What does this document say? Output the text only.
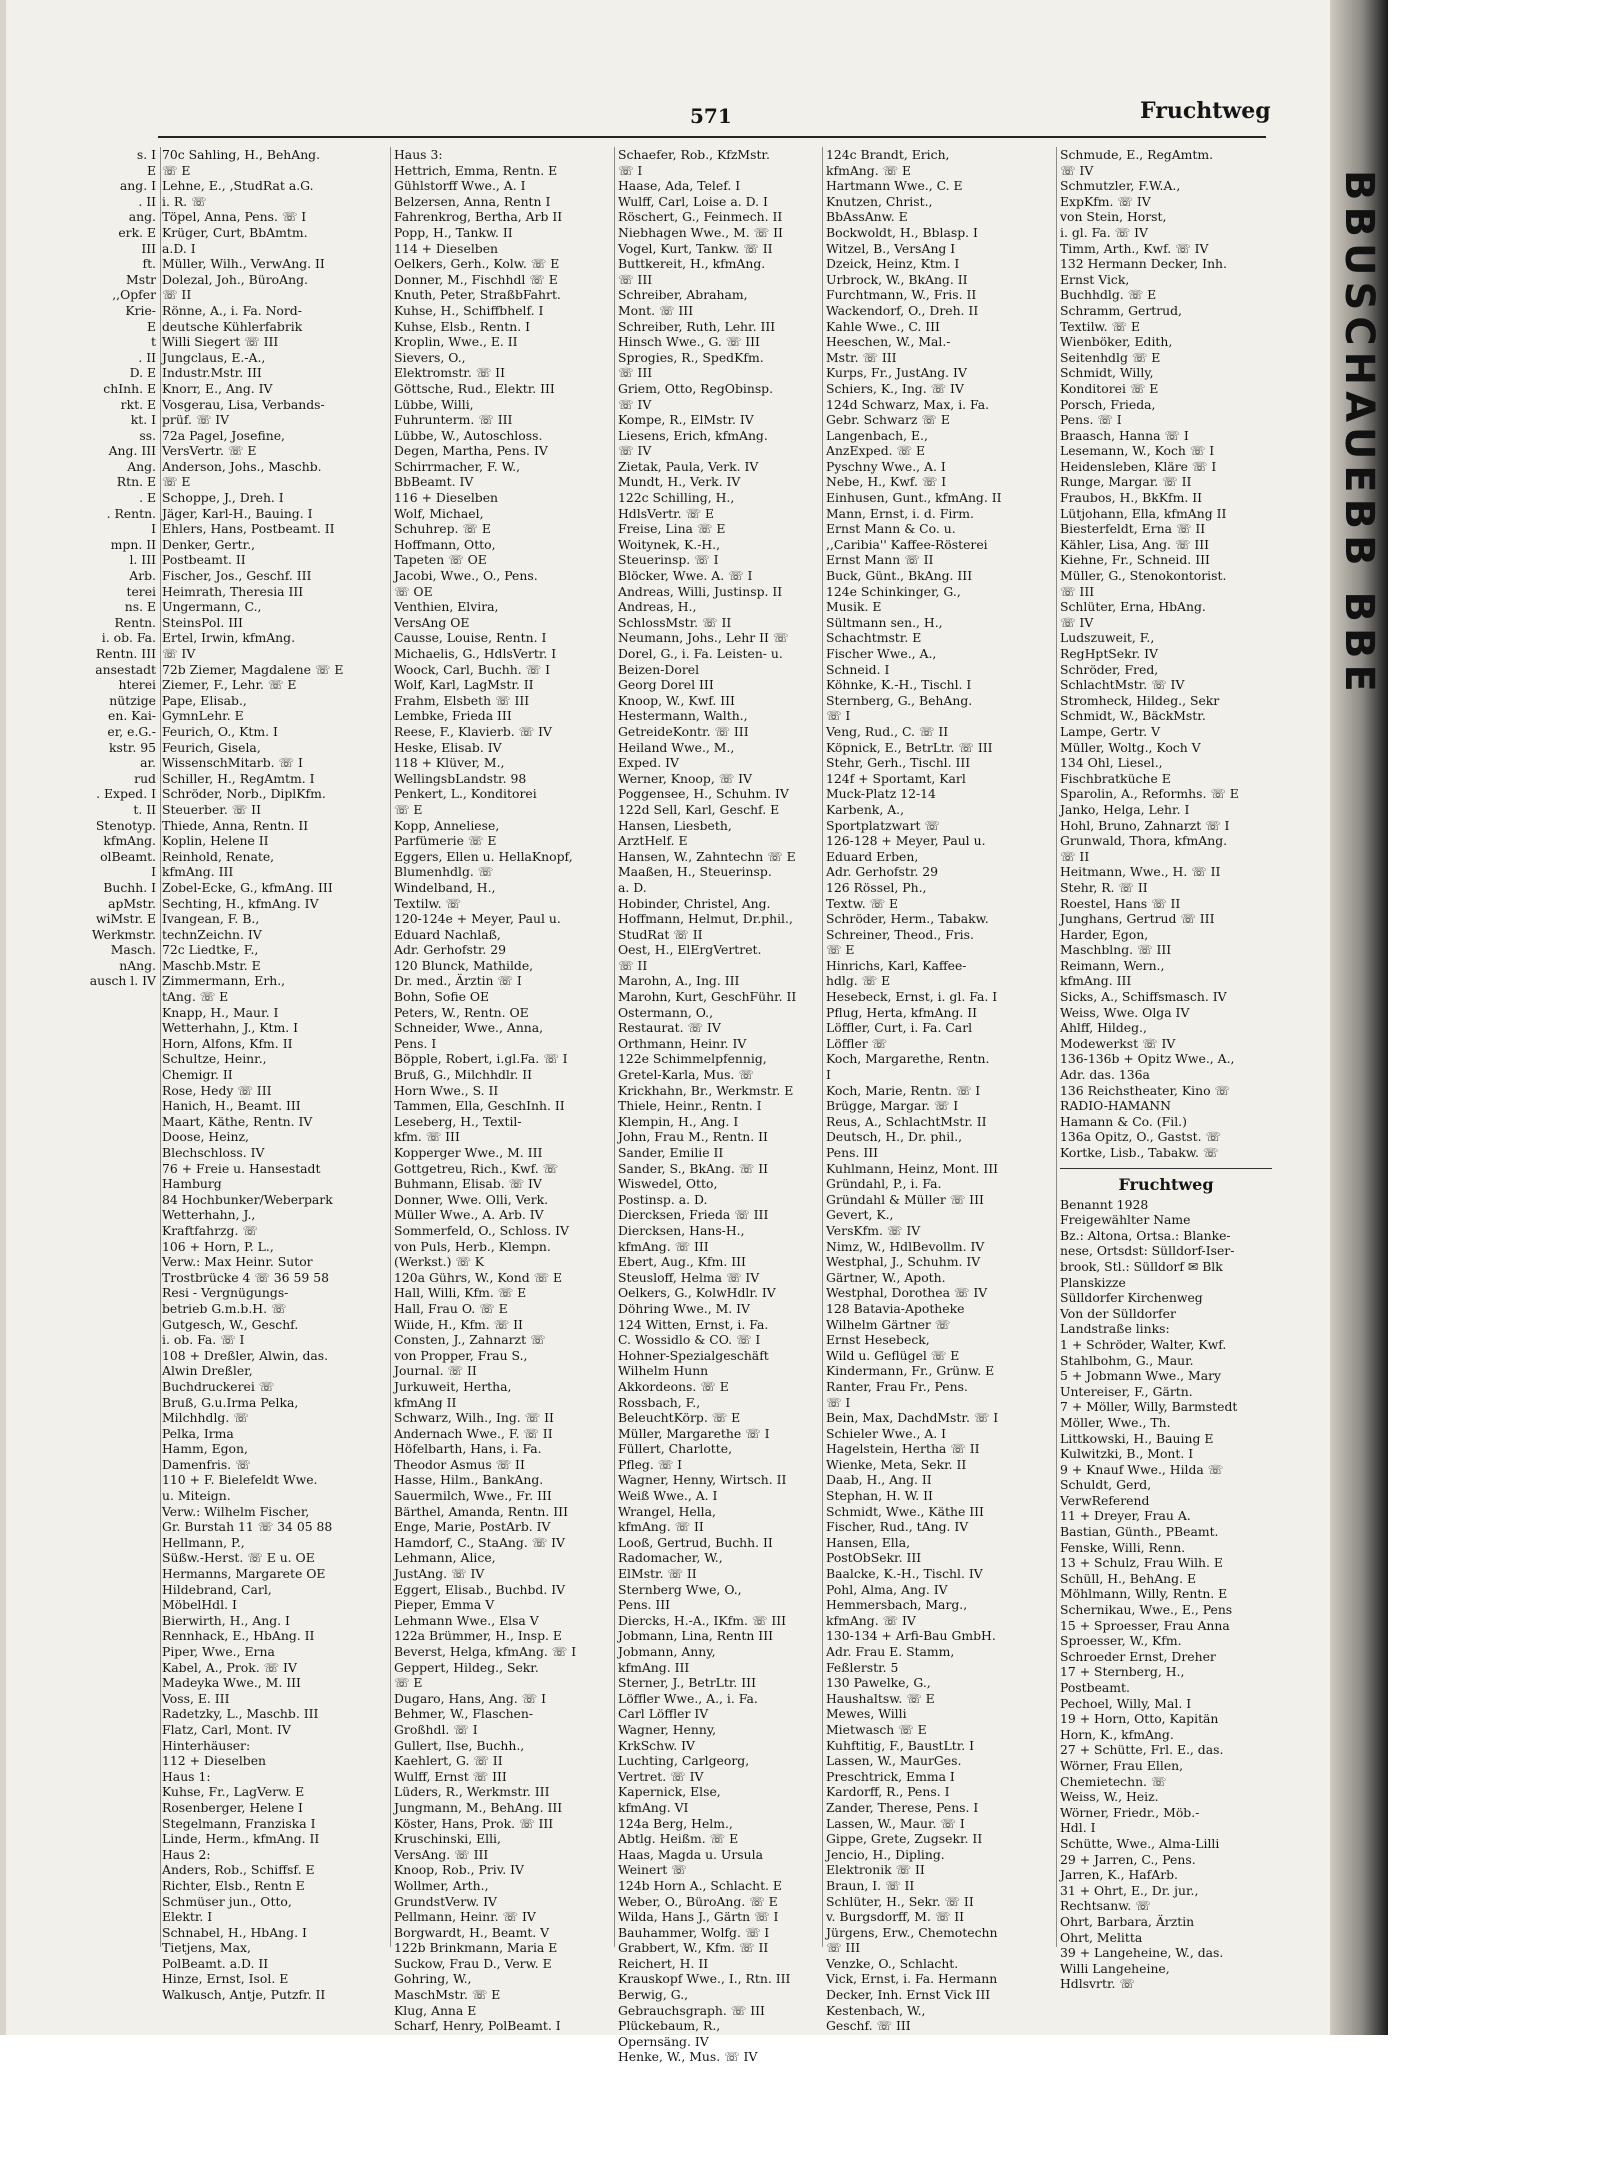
BBUSCHAUEBB BBE
571	Fruchtweg
s. I
E
ang. I
. II
ang.
erk. E
III
ft.
Mstr
,,Opfer
Krie-
E
t
. II
D. E
chInh. E
rkt. E
kt. I
ss.
Ang. III
Ang.
Rtn. E
. E
. Rentn.
I
mpn. II
l. III
Arb.
terei
ns. E
Rentn.
i. ob. Fa.
Rentn. III
ansestadt
hterei
nützige
en. Kai-
er, e.G.-
kstr. 95
ar.
rud
. Exped. I
t. II
Stenotyp.
kfmAng.
olBeamt.
I
Buchh. I
apMstr.
wiMstr. E
Werkmstr.
Masch.
nAng.
ausch l. IV
70c Sahling, H., BehAng.
☏ E
Lehne, E., ,StudRat a.G.
i. R. ☏
Töpel, Anna, Pens. ☏ I
Krüger, Curt, BbAmtm.
a.D. I
Müller, Wilh., VerwAng. II
Dolezal, Joh., BüroAng.
☏ II
Rönne, A., i. Fa. Nord-
deutsche Kühlerfabrik
Willi Siegert ☏ III
Jungclaus, E.-A.,
Industr.Mstr. III
Knorr, E., Ang. IV
Vosgerau, Lisa, Verbands-
prüf. ☏ IV
72a Pagel, Josefine,
VersVertr. ☏ E
Anderson, Johs., Maschb.
☏ E
Schoppe, J., Dreh. I
Jäger, Karl-H., Bauing. I
Ehlers, Hans, Postbeamt. II
Denker, Gertr.,
Postbeamt. II
Fischer, Jos., Geschf. III
Heimrath, Theresia III
Ungermann, C.,
SteinsPol. III
Ertel, Irwin, kfmAng.
☏ IV
72b Ziemer, Magdalene ☏ E
Ziemer, F., Lehr. ☏ E
Pape, Elisab.,
GymnLehr. E
Feurich, O., Ktm. I
Feurich, Gisela,
WissenschMitarb. ☏ I
Schiller, H., RegAmtm. I
Schröder, Norb., DiplKfm.
Steuerber. ☏ II
Thiede, Anna, Rentn. II
Koplin, Helene II
Reinhold, Renate,
kfmAng. III
Zobel-Ecke, G., kfmAng. III
Sechting, H., kfmAng. IV
Ivangean, F. B.,
technZeichn. IV
72c Liedtke, F.,
Maschb.Mstr. E
Zimmermann, Erh.,
tAng. ☏ E
Knapp, H., Maur. I
Wetterhahn, J., Ktm. I
Horn, Alfons, Kfm. II
Schultze, Heinr.,
Chemigr. II
Rose, Hedy ☏ III
Hanich, H., Beamt. III
Maart, Käthe, Rentn. IV
Doose, Heinz,
Blechschloss. IV
76 + Freie u. Hansestadt
Hamburg
84 Hochbunker/Weberpark
Wetterhahn, J.,
Kraftfahrzg. ☏
106 + Horn, P. L.,
Verw.: Max Heinr. Sutor
Trostbrücke 4 ☏ 36 59 58
Resi - Vergnügungs-
betrieb G.m.b.H. ☏
Gutgesch, W., Geschf.
i. ob. Fa. ☏ I
108 + Dreßler, Alwin, das.
Alwin Dreßler,
Buchdruckerei ☏
Bruß, G.u.Irma Pelka,
Milchhdlg. ☏
Pelka, Irma
Hamm, Egon,
Damenfris. ☏
110 + F. Bielefeldt Wwe.
u. Miteign.
Verw.: Wilhelm Fischer,
Gr. Burstah 11 ☏ 34 05 88
Hellmann, P.,
Süßw.-Herst. ☏ E u. OE
Hermanns, Margarete OE
Hildebrand, Carl,
MöbelHdl. I
Bierwirth, H., Ang. I
Rennhack, E., HbAng. II
Piper, Wwe., Erna
Kabel, A., Prok. ☏ IV
Madeyka Wwe., M. III
Voss, E. III
Radetzky, L., Maschb. III
Flatz, Carl, Mont. IV
Hinterhäuser:
112 + Dieselben
Haus 1:
Kuhse, Fr., LagVerw. E
Rosenberger, Helene I
Stegelmann, Franziska I
Linde, Herm., kfmAng. II
Haus 2:
Anders, Rob., Schiffsf. E
Richter, Elsb., Rentn E
Schmüser jun., Otto,
Elektr. I
Schnabel, H., HbAng. I
Tietjens, Max,
PolBeamt. a.D. II
Hinze, Ernst, Isol. E
Walkusch, Antje, Putzfr. II
Haus 3:
Hettrich, Emma, Rentn. E
Gühlstorff Wwe., A. I
Belzersen, Anna, Rentn I
Fahrenkrog, Bertha, Arb II
Popp, H., Tankw. II
114 + Dieselben
Oelkers, Gerh., Kolw. ☏ E
Donner, M., Fischhdl ☏ E
Knuth, Peter, StraßbFahrt.
Kuhse, H., Schiffbhelf. I
Kuhse, Elsb., Rentn. I
Kroplin, Wwe., E. II
Sievers, O.,
Elektromstr. ☏ II
Göttsche, Rud., Elektr. III
Lübbe, Willi,
Fuhrunterm. ☏ III
Lübbe, W., Autoschloss.
Degen, Martha, Pens. IV
Schirrmacher, F. W.,
BbBeamt. IV
116 + Dieselben
Wolf, Michael,
Schuhrep. ☏ E
Hoffmann, Otto,
Tapeten ☏ OE
Jacobi, Wwe., O., Pens.
☏ OE
Venthien, Elvira,
VersAng OE
Causse, Louise, Rentn. I
Michaelis, G., HdlsVertr. I
Woock, Carl, Buchh. ☏ I
Wolf, Karl, LagMstr. II
Frahm, Elsbeth ☏ III
Lembke, Frieda III
Reese, F., Klavierb. ☏ IV
Heske, Elisab. IV
118 + Klüver, M.,
WellingsbLandstr. 98
Penkert, L., Konditorei
☏ E
Kopp, Anneliese,
Parfümerie ☏ E
Eggers, Ellen u. HellaKnopf,
Blumenhdlg. ☏
Windelband, H.,
Textilw. ☏
120-124e + Meyer, Paul u.
Eduard Nachlaß,
Adr. Gerhofstr. 29
120 Blunck, Mathilde,
Dr. med., Ärztin ☏ I
Bohn, Sofie OE
Peters, W., Rentn. OE
Schneider, Wwe., Anna,
Pens. I
Böpple, Robert, i.gl.Fa. ☏ I
Bruß, G., Milchhdlr. II
Horn Wwe., S. II
Tammen, Ella, GeschInh. II
Leseberg, H., Textil-
kfm. ☏ III
Kopperger Wwe., M. III
Gottgetreu, Rich., Kwf. ☏
Buhmann, Elisab. ☏ IV
Donner, Wwe. Olli, Verk.
Müller Wwe., A. Arb. IV
Sommerfeld, O., Schloss. IV
von Puls, Herb., Klempn.
(Werkst.) ☏ K
120a Gührs, W., Kond ☏ E
Hall, Willi, Kfm. ☏ E
Hall, Frau O. ☏ E
Wiide, H., Kfm. ☏ II
Consten, J., Zahnarzt ☏
von Propper, Frau S.,
Journal. ☏ II
Jurkuweit, Hertha,
kfmAng II
Schwarz, Wilh., Ing. ☏ II
Andernach Wwe., F. ☏ II
Höfelbarth, Hans, i. Fa.
Theodor Asmus ☏ II
Hasse, Hilm., BankAng.
Sauermilch, Wwe., Fr. III
Bärthel, Amanda, Rentn. III
Enge, Marie, PostArb. IV
Hamdorf, C., StaAng. ☏ IV
Lehmann, Alice,
JustAng. ☏ IV
Eggert, Elisab., Buchbd. IV
Pieper, Emma V
Lehmann Wwe., Elsa V
122a Brümmer, H., Insp. E
Beverst, Helga, kfmAng. ☏ I
Geppert, Hildeg., Sekr.
☏ E
Dugaro, Hans, Ang. ☏ I
Behmer, W., Flaschen-
Großhdl. ☏ I
Gullert, Ilse, Buchh.,
Kaehlert, G. ☏ II
Wulff, Ernst ☏ III
Lüders, R., Werkmstr. III
Jungmann, M., BehAng. III
Köster, Hans, Prok. ☏ III
Kruschinski, Elli,
VersAng. ☏ III
Knoop, Rob., Priv. IV
Wollmer, Arth.,
GrundstVerw. IV
Pellmann, Heinr. ☏ IV
Borgwardt, H., Beamt. V
122b Brinkmann, Maria E
Suckow, Frau D., Verw. E
Gohring, W.,
MaschMstr. ☏ E
Klug, Anna E
Scharf, Henry, PolBeamt. I
Schaefer, Rob., KfzMstr.
☏ I
Haase, Ada, Telef. I
Wulff, Carl, Loise a. D. I
Röschert, G., Feinmech. II
Niebhagen Wwe., M. ☏ II
Vogel, Kurt, Tankw. ☏ II
Buttkereit, H., kfmAng.
☏ III
Schreiber, Abraham,
Mont. ☏ III
Schreiber, Ruth, Lehr. III
Hinsch Wwe., G. ☏ III
Sprogies, R., SpedKfm.
☏ III
Griem, Otto, RegObinsp.
☏ IV
Kompe, R., ElMstr. IV
Liesens, Erich, kfmAng.
☏ IV
Zietak, Paula, Verk. IV
Mundt, H., Verk. IV
122c Schilling, H.,
HdlsVertr. ☏ E
Freise, Lina ☏ E
Woitynek, K.-H.,
Steuerinsp. ☏ I
Blöcker, Wwe. A. ☏ I
Andreas, Willi, Justinsp. II
Andreas, H.,
SchlossMstr. ☏ II
Neumann, Johs., Lehr II ☏
Dorel, G., i. Fa. Leisten- u.
Beizen-Dorel
Georg Dorel III
Knoop, W., Kwf. III
Hestermann, Walth.,
GetreideKontr. ☏ III
Heiland Wwe., M.,
Exped. IV
Werner, Knoop, ☏ IV
Poggensee, H., Schuhm. IV
122d Sell, Karl, Geschf. E
Hansen, Liesbeth,
ArztHelf. E
Hansen, W., Zahntechn ☏ E
Maaßen, H., Steuerinsp.
a. D.
Hobinder, Christel, Ang.
Hoffmann, Helmut, Dr.phil.,
StudRat ☏ II
Oest, H., ElErgVertret.
☏ II
Marohn, A., Ing. III
Marohn, Kurt, GeschFühr. II
Ostermann, O.,
Restaurat. ☏ IV
Orthmann, Heinr. IV
122e Schimmelpfennig,
Gretel-Karla, Mus. ☏
Krickhahn, Br., Werkmstr. E
Thiele, Heinr., Rentn. I
Klempin, H., Ang. I
John, Frau M., Rentn. II
Sander, Emilie II
Sander, S., BkAng. ☏ II
Wiswedel, Otto,
Postinsp. a. D.
Diercksen, Frieda ☏ III
Diercksen, Hans-H.,
kfmAng. ☏ III
Ebert, Aug., Kfm. III
Steusloff, Helma ☏ IV
Oelkers, G., KolwHdlr. IV
Döhring Wwe., M. IV
124 Witten, Ernst, i. Fa.
C. Wossidlo & CO. ☏ I
Hohner-Spezialgeschäft
Wilhelm Hunn
Akkordeons. ☏ E
Rossbach, F.,
BeleuchtKörp. ☏ E
Müller, Margarethe ☏ I
Füllert, Charlotte,
Pfleg. ☏ I
Wagner, Henny, Wirtsch. II
Weiß Wwe., A. I
Wrangel, Hella,
kfmAng. ☏ II
Looß, Gertrud, Buchh. II
Radomacher, W.,
ElMstr. ☏ II
Sternberg Wwe, O.,
Pens. III
Diercks, H.-A., IKfm. ☏ III
Jobmann, Lina, Rentn III
Jobmann, Anny,
kfmAng. III
Sterner, J., BetrLtr. III
Löffler Wwe., A., i. Fa.
Carl Löffler IV
Wagner, Henny,
KrkSchw. IV
Luchting, Carlgeorg,
Vertret. ☏ IV
Kapernick, Else,
kfmAng. VI
124a Berg, Helm.,
Abtlg. Heißm. ☏ E
Haas, Magda u. Ursula
Weinert ☏
124b Horn A., Schlacht. E
Weber, O., BüroAng. ☏ E
Wilda, Hans J., Gärtn ☏ I
Bauhammer, Wolfg. ☏ I
Grabbert, W., Kfm. ☏ II
Reichert, H. II
Krauskopf Wwe., I., Rtn. III
Berwig, G.,
Gebrauchsgraph. ☏ III
Plückebaum, R.,
Opernsäng. IV
Henke, W., Mus. ☏ IV
124c Brandt, Erich,
kfmAng. ☏ E
Hartmann Wwe., C. E
Knutzen, Christ.,
BbAssAnw. E
Bockwoldt, H., Bblasp. I
Witzel, B., VersAng I
Dzeick, Heinz, Ktm. I
Urbrock, W., BkAng. II
Furchtmann, W., Fris. II
Wackendorf, O., Dreh. II
Kahle Wwe., C. III
Heeschen, W., Mal.-
Mstr. ☏ III
Kurps, Fr., JustAng. IV
Schiers, K., Ing. ☏ IV
124d Schwarz, Max, i. Fa.
Gebr. Schwarz ☏ E
Langenbach, E.,
AnzExped. ☏ E
Pyschny Wwe., A. I
Nebe, H., Kwf. ☏ I
Einhusen, Gunt., kfmAng. II
Mann, Ernst, i. d. Firm.
Ernst Mann & Co. u.
,,Caribia'' Kaffee-Rösterei
Ernst Mann ☏ II
Buck, Günt., BkAng. III
124e Schinkinger, G.,
Musik. E
Sültmann sen., H.,
Schachtmstr. E
Fischer Wwe., A.,
Schneid. I
Köhnke, K.-H., Tischl. I
Sternberg, G., BehAng.
☏ I
Veng, Rud., C. ☏ II
Köpnick, E., BetrLtr. ☏ III
Stehr, Gerh., Tischl. III
124f + Sportamt, Karl
Muck-Platz 12-14
Karbenk, A.,
Sportplatzwart ☏
126-128 + Meyer, Paul u.
Eduard Erben,
Adr. Gerhofstr. 29
126 Rössel, Ph.,
Textw. ☏ E
Schröder, Herm., Tabakw.
Schreiner, Theod., Fris.
☏ E
Hinrichs, Karl, Kaffee-
hdlg. ☏ E
Hesebeck, Ernst, i. gl. Fa. I
Pflug, Herta, kfmAng. II
Löffler, Curt, i. Fa. Carl
Löffler ☏
Koch, Margarethe, Rentn.
I
Koch, Marie, Rentn. ☏ I
Brügge, Margar. ☏ I
Reus, A., SchlachtMstr. II
Deutsch, H., Dr. phil.,
Pens. III
Kuhlmann, Heinz, Mont. III
Gründahl, P., i. Fa.
Gründahl & Müller ☏ III
Gevert, K.,
VersKfm. ☏ IV
Nimz, W., HdlBevollm. IV
Westphal, J., Schuhm. IV
Gärtner, W., Apoth.
Westphal, Dorothea ☏ IV
128 Batavia-Apotheke
Wilhelm Gärtner ☏
Ernst Hesebeck,
Wild u. Geflügel ☏ E
Kindermann, Fr., Grünw. E
Ranter, Frau Fr., Pens.
☏ I
Bein, Max, DachdMstr. ☏ I
Schieler Wwe., A. I
Hagelstein, Hertha ☏ II
Wienke, Meta, Sekr. II
Daab, H., Ang. II
Stephan, H. W. II
Schmidt, Wwe., Käthe III
Fischer, Rud., tAng. IV
Hansen, Ella,
PostObSekr. III
Baalcke, K.-H., Tischl. IV
Pohl, Alma, Ang. IV
Hemmersbach, Marg.,
kfmAng. ☏ IV
130-134 + Arfi-Bau GmbH.
Adr. Frau E. Stamm,
Feßlerstr. 5
130 Pawelke, G.,
Haushaltsw. ☏ E
Mewes, Willi
Mietwasch ☏ E
Kuhftitig, F., BaustLtr. I
Lassen, W., MaurGes.
Preschtrick, Emma I
Kardorff, R., Pens. I
Zander, Therese, Pens. I
Lassen, W., Maur. ☏ I
Gippe, Grete, Zugsekr. II
Jencio, H., Dipling.
Elektronik ☏ II
Braun, I. ☏ II
Schlüter, H., Sekr. ☏ II
v. Burgsdorff, M. ☏ II
Jürgens, Erw., Chemotechn
☏ III
Venzke, O., Schlacht.
Vick, Ernst, i. Fa. Hermann
Decker, Inh. Ernst Vick III
Kestenbach, W.,
Geschf. ☏ III
Schmude, E., RegAmtm.
☏ IV
Schmutzler, F.W.A.,
ExpKfm. ☏ IV
von Stein, Horst,
i. gl. Fa. ☏ IV
Timm, Arth., Kwf. ☏ IV
132 Hermann Decker, Inh.
Ernst Vick,
Buchhdlg. ☏ E
Schramm, Gertrud,
Textilw. ☏ E
Wienböker, Edith,
Seitenhdlg ☏ E
Schmidt, Willy,
Konditorei ☏ E
Porsch, Frieda,
Pens. ☏ I
Braasch, Hanna ☏ I
Lesemann, W., Koch ☏ I
Heidensleben, Kläre ☏ I
Runge, Margar. ☏ II
Fraubos, H., BkKfm. II
Lütjohann, Ella, kfmAng II
Biesterfeldt, Erna ☏ II
Kähler, Lisa, Ang. ☏ III
Kiehne, Fr., Schneid. III
Müller, G., Stenokontorist.
☏ III
Schlüter, Erna, HbAng.
☏ IV
Ludszuweit, F.,
RegHptSekr. IV
Schröder, Fred,
SchlachtMstr. ☏ IV
Stromheck, Hildeg., Sekr
Schmidt, W., BäckMstr.
Lampe, Gertr. V
Müller, Woltg., Koch V
134 Ohl, Liesel.,
Fischbratküche E
Sparolin, A., Reformhs. ☏ E
Janko, Helga, Lehr. I
Hohl, Bruno, Zahnarzt ☏ I
Grunwald, Thora, kfmAng.
☏ II
Heitmann, Wwe., H. ☏ II
Stehr, R. ☏ II
Roestel, Hans ☏ II
Junghans, Gertrud ☏ III
Harder, Egon,
Maschblng. ☏ III
Reimann, Wern.,
kfmAng. III
Sicks, A., Schiffsmasch. IV
Weiss, Wwe. Olga IV
Ahlff, Hildeg.,
Modewerkst ☏ IV
136-136b + Opitz Wwe., A.,
Adr. das. 136a
136 Reichstheater, Kino ☏
RADIO-HAMANN
Hamann & Co. (Fil.)
136a Opitz, O., Gastst. ☏
Kortke, Lisb., Tabakw. ☏
Fruchtweg
Benannt 1928
Freigewählter Name
Bz.: Altona, Ortsa.: Blanke-
nese, Ortsdst: Sülldorf-Iser-
brook, Stl.: Sülldorf ✉ Blk
Planskizze
Sülldorfer Kirchenweg
Von der Sülldorfer
Landstraße links:
1 + Schröder, Walter, Kwf.
Stahlbohm, G., Maur.
5 + Jobmann Wwe., Mary
Untereiser, F., Gärtn.
7 + Möller, Willy, Barmstedt
Möller, Wwe., Th.
Littkowski, H., Bauing E
Kulwitzki, B., Mont. I
9 + Knauf Wwe., Hilda ☏
Schuldt, Gerd,
VerwReferend
11 + Dreyer, Frau A.
Bastian, Günth., PBeamt.
Fenske, Willi, Renn.
13 + Schulz, Frau Wilh. E
Schüll, H., BehAng. E
Möhlmann, Willy, Rentn. E
Schernikau, Wwe., E., Pens
15 + Sproesser, Frau Anna
Sproesser, W., Kfm.
Schroeder Ernst, Dreher
17 + Sternberg, H.,
Postbeamt.
Pechoel, Willy, Mal. I
19 + Horn, Otto, Kapitän
Horn, K., kfmAng.
27 + Schütte, Frl. E., das.
Wörner, Frau Ellen,
Chemietechn. ☏
Weiss, W., Heiz.
Wörner, Friedr., Möb.-
Hdl. I
Schütte, Wwe., Alma-Lilli
29 + Jarren, C., Pens.
Jarren, K., HafArb.
31 + Ohrt, E., Dr. jur.,
Rechtsanw. ☏
Ohrt, Barbara, Ärztin
Ohrt, Melitta
39 + Langeheine, W., das.
Willi Langeheine,
Hdlsvrtr. ☏
